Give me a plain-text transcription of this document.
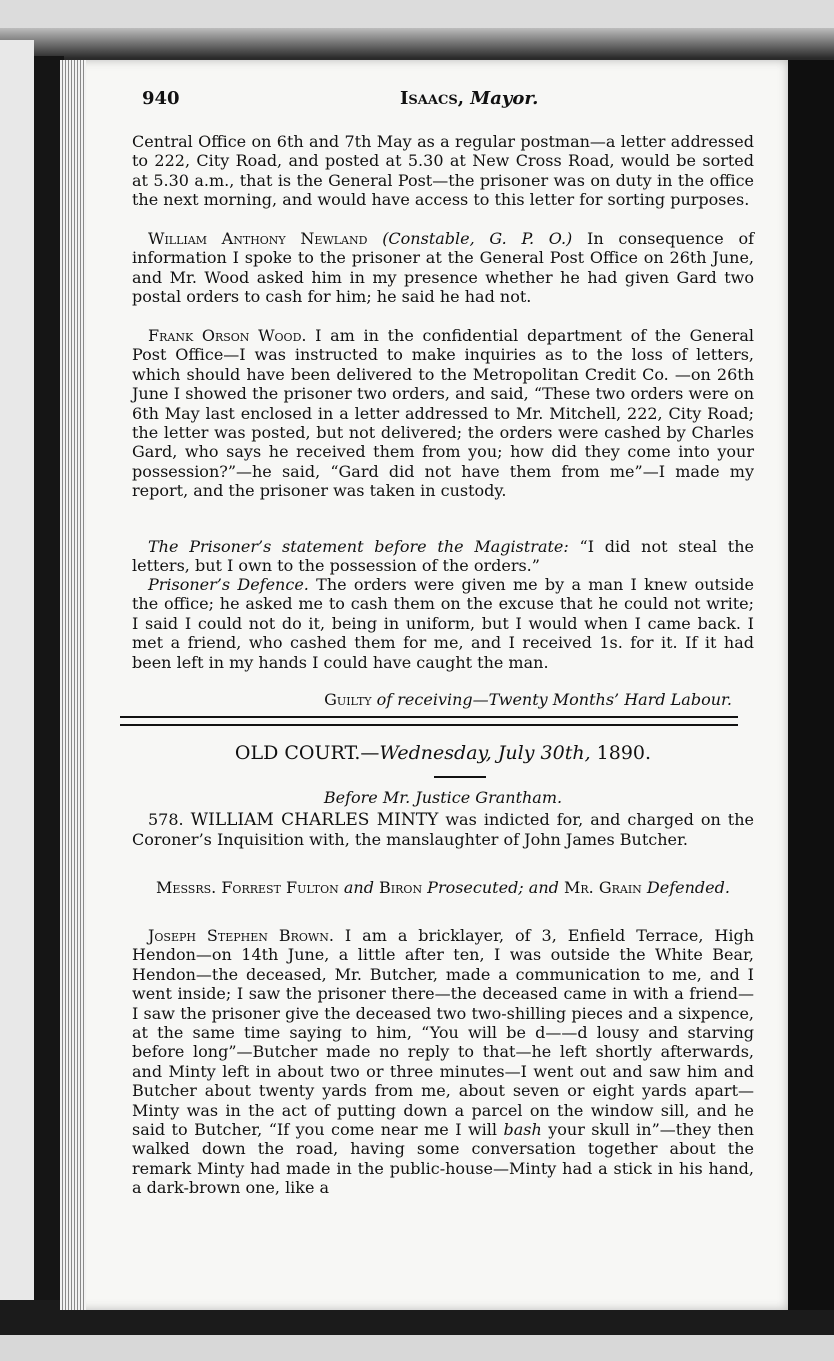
940	Isaacs, Mayor.

Central Office on 6th and 7th May as a regular postman—a letter addressed to 222, City Road, and posted at 5.30 at New Cross Road, would be sorted at 5.30 a.m., that is the General Post—the prisoner was on duty in the office the next morning, and would have access to this letter for sorting purposes.

William Anthony Newland (Constable, G. P. O.) In consequence of information I spoke to the prisoner at the General Post Office on 26th June, and Mr. Wood asked him in my presence whether he had given Gard two postal orders to cash for him; he said he had not.

Frank Orson Wood. I am in the confidential department of the General Post Office—I was instructed to make inquiries as to the loss of letters, which should have been delivered to the Metropolitan Credit Co. —on 26th June I showed the prisoner two orders, and said, “These two orders were on 6th May last enclosed in a letter addressed to Mr. Mitchell, 222, City Road; the letter was posted, but not delivered; the orders were cashed by Charles Gard, who says he received them from you; how did they come into your possession?”—he said, “Gard did not have them from me”—I made my report, and the prisoner was taken in custody.

The Prisoner’s statement before the Magistrate: “I did not steal the letters, but I own to the possession of the orders.”

Prisoner’s Defence. The orders were given me by a man I knew outside the office; he asked me to cash them on the excuse that he could not write; I said I could not do it, being in uniform, but I would when I came back. I met a friend, who cashed them for me, and I received 1s. for it. If it had been left in my hands I could have caught the man.

Guilty of receiving—Twenty Months’ Hard Labour.

OLD COURT.—Wednesday, July 30th, 1890.

Before Mr. Justice Grantham.

578. WILLIAM CHARLES MINTY was indicted for, and charged on the Coroner’s Inquisition with, the manslaughter of John James Butcher.

Messrs. Forrest Fulton and Biron Prosecuted; and Mr. Grain Defended.

Joseph Stephen Brown. I am a bricklayer, of 3, Enfield Terrace, High Hendon—on 14th June, a little after ten, I was outside the White Bear, Hendon—the deceased, Mr. Butcher, made a communication to me, and I went inside; I saw the prisoner there—the deceased came in with a friend—I saw the prisoner give the deceased two two-shilling pieces and a sixpence, at the same time saying to him, “You will be d——d lousy and starving before long”—Butcher made no reply to that—he left shortly afterwards, and Minty left in about two or three minutes—I went out and saw him and Butcher about twenty yards from me, about seven or eight yards apart—Minty was in the act of putting down a parcel on the window sill, and he said to Butcher, “If you come near me I will bash your skull in”—they then walked down the road, having some conversation together about the remark Minty had made in the public-house—Minty had a stick in his hand, a dark-brown one, like a
